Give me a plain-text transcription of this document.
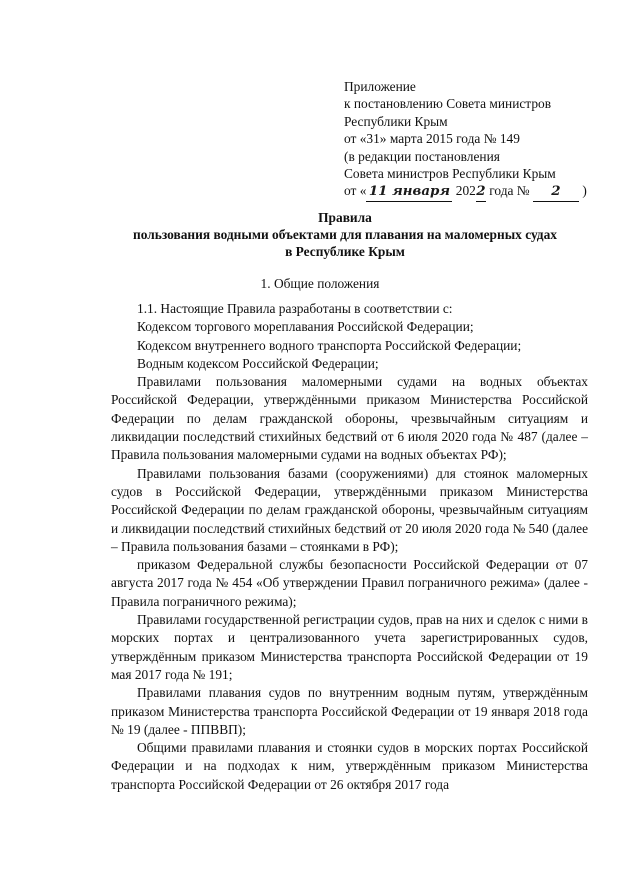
Приложение
к постановлению Совета министров
Республики Крым
от «31» марта 2015 года № 149
(в редакции постановления
Совета министров Республики Крым
от « 11 января 2022 года № 2 )
Правила
пользования водными объектами для плавания на маломерных судах
в Республике Крым
1. Общие положения

1.1. Настоящие Правила разработаны в соответствии с:

Кодексом торгового мореплавания Российской Федерации;

Кодексом внутреннего водного транспорта Российской Федерации;

Водным кодексом Российской Федерации;

Правилами пользования маломерными судами на водных объектах Российской Федерации, утверждёнными приказом Министерства Российской Федерации по делам гражданской обороны, чрезвычайным ситуациям и ликвидации последствий стихийных бедствий от 6 июля 2020 года № 487 (далее – Правила пользования маломерными судами на водных объектах РФ);

Правилами пользования базами (сооружениями) для стоянок маломерных судов в Российской Федерации, утверждёнными приказом Министерства Российской Федерации по делам гражданской обороны, чрезвычайным ситуациям и ликвидации последствий стихийных бедствий от 20 июля 2020 года № 540 (далее – Правила пользования базами – стоянками в РФ);

приказом Федеральной службы безопасности Российской Федерации от 07 августа 2017 года № 454 «Об утверждении Правил пограничного режима» (далее - Правила пограничного режима);

Правилами государственной регистрации судов, прав на них и сделок с ними в морских портах и централизованного учета зарегистрированных судов, утверждённым приказом Министерства транспорта Российской Федерации от 19 мая 2017 года № 191;

Правилами плавания судов по внутренним водным путям, утверждённым приказом Министерства транспорта Российской Федерации от 19 января 2018 года № 19 (далее - ППВВП);

Общими правилами плавания и стоянки судов в морских портах Российской Федерации и на подходах к ним, утверждённым приказом Министерства транспорта Российской Федерации от 26 октября 2017 года
